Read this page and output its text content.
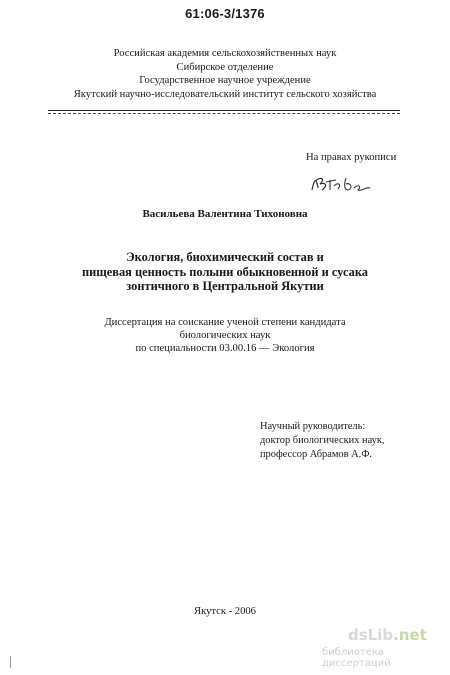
61:06-3/1376
Российская академия сельскохозяйственных наук
Сибирское отделение
Государственное научное учреждение
Якутский научно-исследовательский институт сельского хозяйства
На правах рукописи
Васильева Валентина Тихоновна
Экология, биохимический состав и
пищевая ценность полыни обыкновенной и сусака
зонтичного в Центральной Якутии
Диссертация на соискание ученой степени кандидата
биологических наук
по специальности 03.00.16 — Экология
Научный руководитель:
доктор биологических наук,
профессор Абрамов А.Ф.
Якутск - 2006
dsLib.net
библиотека диссертаций
